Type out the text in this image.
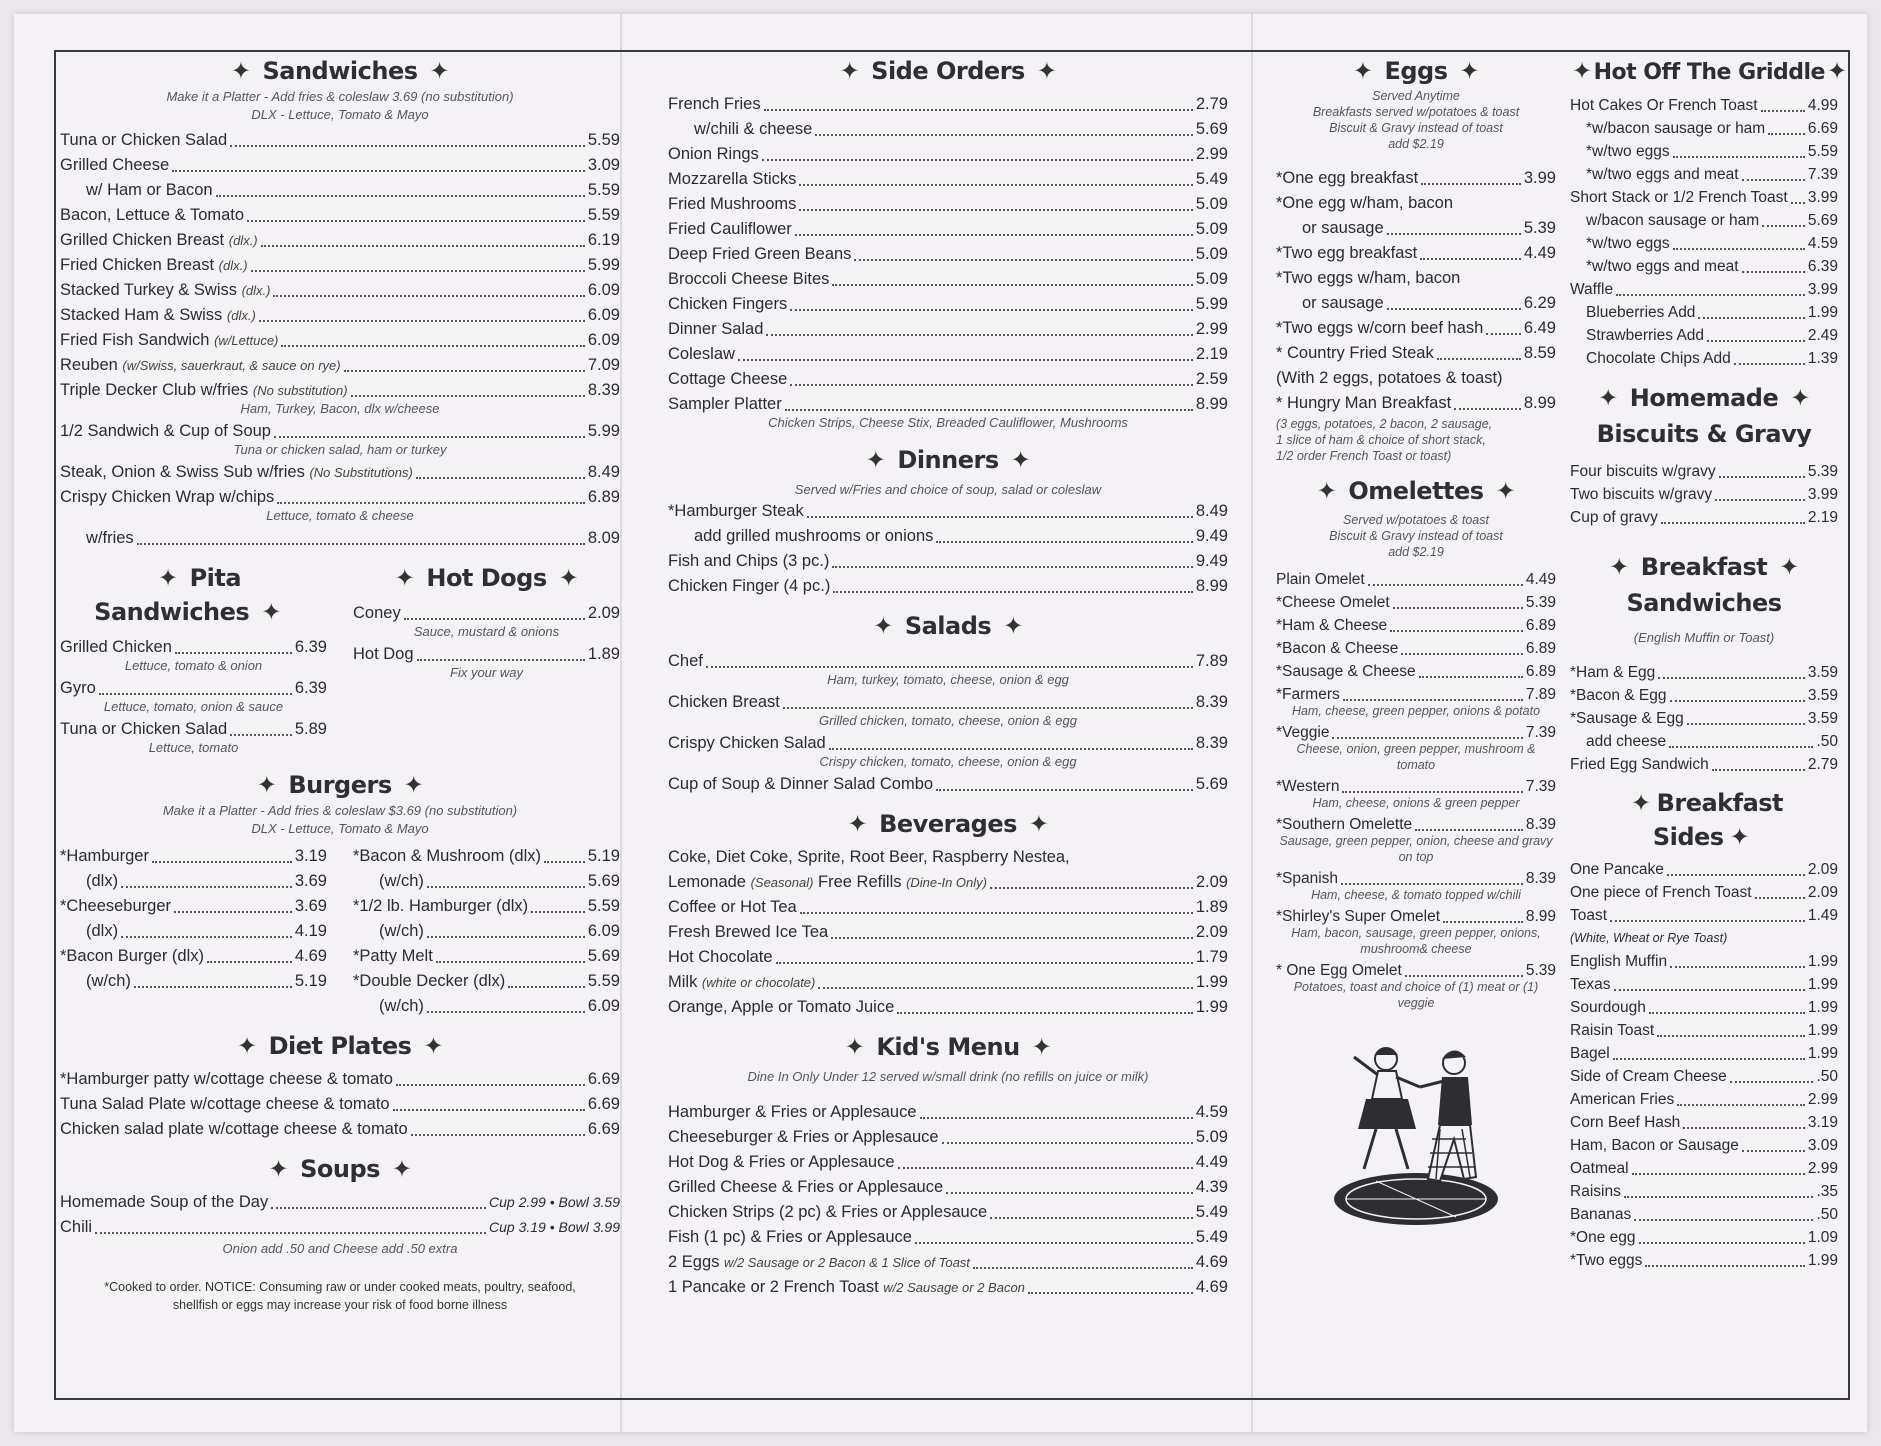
✦ Sandwiches ✦

Make it a Platter - Add fries & coleslaw 3.69 (no substitution)

DLX - Lettuce, Tomato & Mayo

Tuna or Chicken Salad	5.59
Grilled Cheese	3.09
w/ Ham or Bacon	5.59
Bacon, Lettuce & Tomato	5.59
Grilled Chicken Breast (dlx.)	6.19
Fried Chicken Breast (dlx.)	5.99
Stacked Turkey & Swiss (dlx.)	6.09
Stacked Ham & Swiss (dlx.)	6.09
Fried Fish Sandwich (w/Lettuce)	6.09
Reuben (w/Swiss, sauerkraut, & sauce on rye)	7.09
Triple Decker Club w/fries (No substitution)	8.39
Ham, Turkey, Bacon, dlx w/cheese
1/2 Sandwich & Cup of Soup	5.99
Tuna or chicken salad, ham or turkey
Steak, Onion & Swiss Sub w/fries (No Substitutions)	8.49
Crispy Chicken Wrap w/chips	6.89
Lettuce, tomato & cheese
w/fries	8.09
✦ Pita Sandwiches ✦
Grilled Chicken	6.39
Lettuce, tomato & onion
Gyro	6.39
Lettuce, tomato, onion & sauce
Tuna or Chicken Salad	5.89
Lettuce, tomato
✦ Hot Dogs ✦
Coney	2.09
Sauce, mustard & onions
Hot Dog	1.89
Fix your way
✦ Burgers ✦

Make it a Platter - Add fries & coleslaw $3.69 (no substitution)

DLX - Lettuce, Tomato & Mayo

*Hamburger	3.19
(dlx)	3.69
*Cheeseburger	3.69
(dlx)	4.19
*Bacon Burger (dlx)	4.69
(w/ch)	5.19
*Bacon & Mushroom (dlx)	5.19
(w/ch)	5.69
*1/2 lb. Hamburger (dlx)	5.59
(w/ch)	6.09
*Patty Melt	5.69
*Double Decker (dlx)	5.59
(w/ch)	6.09
✦ Diet Plates ✦
*Hamburger patty w/cottage cheese & tomato	6.69
Tuna Salad Plate w/cottage cheese & tomato	6.69
Chicken salad plate w/cottage cheese & tomato	6.69
✦ Soups ✦
Homemade Soup of the Day	Cup 2.99 • Bowl 3.59
Chili	Cup 3.19 • Bowl 3.99

Onion add .50 and Cheese add .50 extra

*Cooked to order. NOTICE: Consuming raw or under cooked meats, poultry, seafood,
shellfish or eggs may increase your risk of food borne illness
✦ Side Orders ✦
French Fries	2.79
w/chili & cheese	5.69
Onion Rings	2.99
Mozzarella Sticks	5.49
Fried Mushrooms	5.09
Fried Cauliflower	5.09
Deep Fried Green Beans	5.09
Broccoli Cheese Bites	5.09
Chicken Fingers	5.99
Dinner Salad	2.99
Coleslaw	2.19
Cottage Cheese	2.59
Sampler Platter	8.99
Chicken Strips, Cheese Stix, Breaded Cauliflower, Mushrooms
✦ Dinners ✦

Served w/Fries and choice of soup, salad or coleslaw

*Hamburger Steak	8.49
add grilled mushrooms or onions	9.49
Fish and Chips (3 pc.)	9.49
Chicken Finger (4 pc.)	8.99
✦ Salads ✦
Chef	7.89
Ham, turkey, tomato, cheese, onion & egg
Chicken Breast	8.39
Grilled chicken, tomato, cheese, onion & egg
Crispy Chicken Salad	8.39
Crispy chicken, tomato, cheese, onion & egg
Cup of Soup & Dinner Salad Combo	5.69
✦ Beverages ✦
Coke, Diet Coke, Sprite, Root Beer, Raspberry Nestea,
Lemonade (Seasonal) Free Refills (Dine-In Only)	2.09
Coffee or Hot Tea	1.89
Fresh Brewed Ice Tea	2.09
Hot Chocolate	1.79
Milk (white or chocolate)	1.99
Orange, Apple or Tomato Juice	1.99
✦ Kid's Menu ✦

Dine In Only Under 12 served w/small drink (no refills on juice or milk)

Hamburger & Fries or Applesauce	4.59
Cheeseburger & Fries or Applesauce	5.09
Hot Dog & Fries or Applesauce	4.49
Grilled Cheese & Fries or Applesauce	4.39
Chicken Strips (2 pc) & Fries or Applesauce	5.49
Fish (1 pc) & Fries or Applesauce	5.49
2 Eggs w/2 Sausage or 2 Bacon & 1 Slice of Toast	4.69
1 Pancake or 2 French Toast w/2 Sausage or 2 Bacon	4.69
✦ Eggs ✦

Served Anytime

Breakfasts served w/potatoes & toast

Biscuit & Gravy instead of toast

add $2.19

*One egg breakfast	3.99
*One egg w/ham, bacon
or sausage	5.39
*Two egg breakfast	4.49
*Two eggs w/ham, bacon
or sausage	6.29
*Two eggs w/corn beef hash 6.49
* Country Fried Steak	8.59
(With 2 eggs, potatoes & toast)
* Hungry Man Breakfast	8.99

(3 eggs, potatoes, 2 bacon, 2 sausage,

1 slice of ham & choice of short stack,

1/2 order French Toast or toast)

✦ Omelettes ✦

Served w/potatoes & toast

Biscuit & Gravy instead of toast

add $2.19

Plain Omelet	4.49
*Cheese Omelet	5.39
*Ham & Cheese	6.89
*Bacon & Cheese	6.89
*Sausage & Cheese	6.89
*Farmers	7.89
Ham, cheese, green pepper, onions & potato
*Veggie	7.39
Cheese, onion, green pepper, mushroom & tomato
*Western	7.39
Ham, cheese, onions & green pepper
*Southern Omelette	8.39
Sausage, green pepper, onion, cheese and gravy on top
*Spanish	8.39
Ham, cheese, & tomato topped w/chili
*Shirley's Super Omelet	8.99
Ham, bacon, sausage, green pepper, onions, mushroom& cheese
* One Egg Omelet	5.39
Potatoes, toast and choice of (1) meat or (1) veggie
✦Hot Off The Griddle✦
Hot Cakes Or French Toast	4.99
*w/bacon sausage or ham	6.69
*w/two eggs	5.59
*w/two eggs and meat	7.39
Short Stack or 1/2 French Toast 3.99
w/bacon sausage or ham	5.69
*w/two eggs	4.59
*w/two eggs and meat	6.39
Waffle	3.99
Blueberries Add	1.99
Strawberries Add	2.49
Chocolate Chips Add	1.39
✦ Homemade ✦
Biscuits & Gravy
Four biscuits w/gravy	5.39
Two biscuits w/gravy	3.99
Cup of gravy	2.19
✦ Breakfast ✦
Sandwiches

(English Muffin or Toast)

*Ham & Egg	3.59
*Bacon & Egg	3.59
*Sausage & Egg	3.59
add cheese	.50
Fried Egg Sandwich	2.79
✦ Breakfast Sides ✦
One Pancake	2.09
One piece of French Toast	2.09
Toast	1.49
(White, Wheat or Rye Toast)
English Muffin	1.99
Texas	1.99
Sourdough	1.99
Raisin Toast	1.99
Bagel	1.99
Side of Cream Cheese	.50
American Fries	2.99
Corn Beef Hash	3.19
Ham, Bacon or Sausage	3.09
Oatmeal	2.99
Raisins	.35
Bananas	.50
*One egg	1.09
*Two eggs	1.99
